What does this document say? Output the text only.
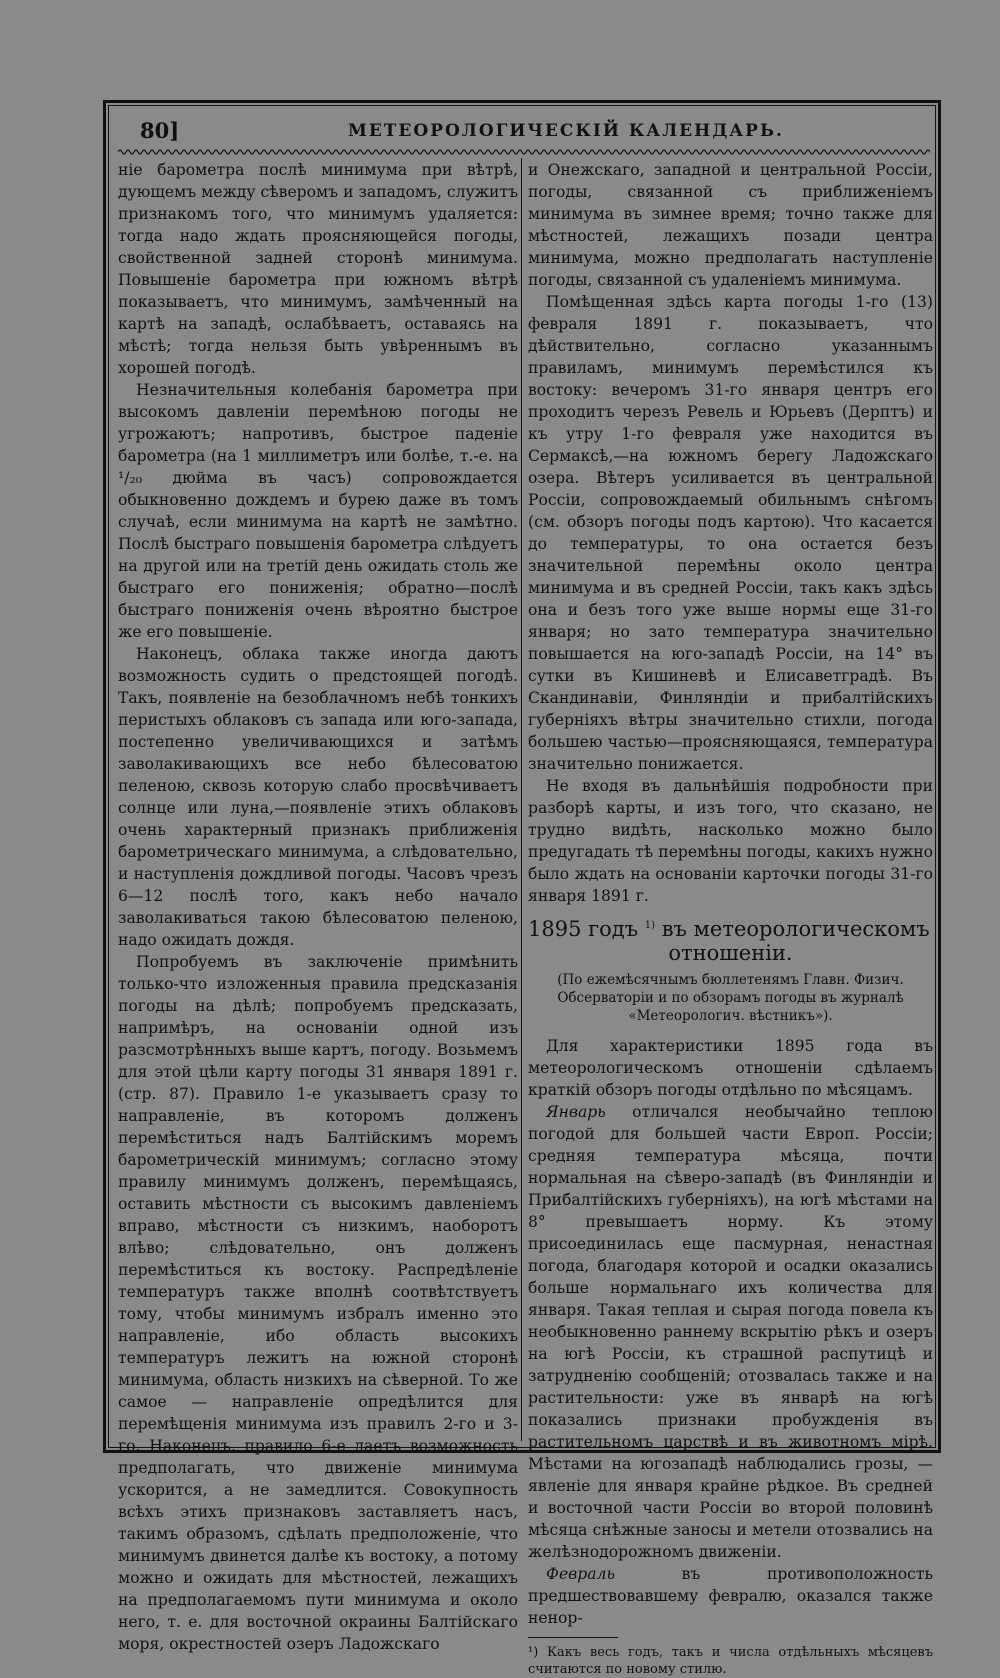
80]	МЕТЕОРОЛОГИЧЕСКIЙ КАЛЕНДАРЬ.

нiе барометра послѣ минимума при вѣтрѣ, дующемъ между сѣверомъ и западомъ, служитъ признакомъ того, что минимумъ удаляется: тогда надо ждать проясняющейся погоды, свойственной задней сторонѣ минимума. Повышенiе барометра при южномъ вѣтрѣ показываетъ, что минимумъ, замѣченный на картѣ на западѣ, ослабѣваетъ, оставаясь на мѣстѣ; тогда нельзя быть увѣреннымъ въ хорошей погодѣ.

Незначительныя колебанiя барометра при высокомъ давленiи перемѣною погоды не угрожаютъ; напротивъ, быстрое паденiе барометра (на 1 миллиметръ или болѣе, т.-е. на ¹/₂₀ дюйма въ часъ) сопровождается обыкновенно дождемъ и бурею даже въ томъ случаѣ, если минимума на картѣ не замѣтно. Послѣ быстраго повышенiя барометра слѣдуетъ на другой или на третiй день ожидать столь же быстраго его пониженiя; обратно—послѣ быстраго пониженiя очень вѣроятно быстрое же его повышенiе.

Наконецъ, облака также иногда даютъ возможность судить о предстоящей погодѣ. Такъ, появленiе на безоблачномъ небѣ тонкихъ перистыхъ облаковъ съ запада или юго-запада, постепенно увеличивающихся и затѣмъ заволакивающихъ все небо бѣлесоватою пеленою, сквозь которую слабо просвѣчиваетъ солнце или луна,—появленiе этихъ облаковъ очень характерный признакъ приближенiя барометрическаго минимума, а слѣдовательно, и наступленiя дождливой погоды. Часовъ чрезъ 6—12 послѣ того, какъ небо начало заволакиваться такою бѣлесоватою пеленою, надо ожидать дождя.

Попробуемъ въ заключенiе примѣнить только-что изложенныя правила предсказанiя погоды на дѣлѣ; попробуемъ предсказать, напримѣръ, на основанiи одной изъ разсмотрѣнныхъ выше картъ, погоду. Возьмемъ для этой цѣли карту погоды 31 января 1891 г. (стр. 87). Правило 1-е указываетъ сразу то направленiе, въ которомъ долженъ перемѣститься надъ Балтiйскимъ моремъ барометрическiй минимумъ; согласно этому правилу минимумъ долженъ, перемѣщаясь, оставить мѣстности съ высокимъ давленiемъ вправо, мѣстности съ низкимъ, наоборотъ влѣво; слѣдовательно, онъ долженъ перемѣститься къ востоку. Распредѣленiе температуръ также вполнѣ соотвѣтствуетъ тому, чтобы минимумъ избралъ именно это направленiе, ибо область высокихъ температуръ лежитъ на южной сторонѣ минимума, область низкихъ на сѣверной. То же самое — направленiе опредѣлится для перемѣщенiя минимума изъ правилъ 2-го и 3-го. Наконецъ, правило 6-е даетъ возможность предполагать, что движенiе минимума ускорится, а не замедлится. Совокупность всѣхъ этихъ признаковъ заставляетъ насъ, такимъ образомъ, сдѣлать предположенiе, что минимумъ двинется далѣе къ востоку, а потому можно и ожидать для мѣстностей, лежащихъ на предполагаемомъ пути минимума и около него, т. е. для восточной окраины Балтiйскаго моря, окрестностей озеръ Ладожскаго

и Онежскаго, западной и центральной Россiи, погоды, связанной съ приближенiемъ минимума въ зимнее время; точно также для мѣстностей, лежащихъ позади центра минимума, можно предполагать наступленiе погоды, связанной съ удаленiемъ минимума.

Помѣщенная здѣсь карта погоды 1-го (13) февраля 1891 г. показываетъ, что дѣйствительно, согласно указаннымъ правиламъ, минимумъ перемѣстился къ востоку: вечеромъ 31-го января центръ его проходитъ черезъ Ревель и Юрьевъ (Дерптъ) и къ утру 1-го февраля уже находится въ Сермаксѣ,—на южномъ берегу Ладожскаго озера. Вѣтеръ усиливается въ центральной Россiи, сопровождаемый обильнымъ снѣгомъ (см. обзоръ погоды подъ картою). Что касается до температуры, то она остается безъ значительной перемѣны около центра минимума и въ средней Россiи, такъ какъ здѣсь она и безъ того уже выше нормы еще 31-го января; но зато температура значительно повышается на юго-западѣ Россiи, на 14° въ сутки въ Кишиневѣ и Елисаветградѣ. Въ Скандинавiи, Финляндiи и прибалтiйскихъ губернiяхъ вѣтры значительно стихли, погода большею частью—проясняющаяся, температура значительно понижается.

Не входя въ дальнѣйшiя подробности при разборѣ карты, и изъ того, что сказано, не трудно видѣть, насколько можно было предугадать тѣ перемѣны погоды, какихъ нужно было ждать на основанiи карточки погоды 31-го января 1891 г.

1895 годъ $^{1)}$ въ метеорологическомъ
отношенiи.
(По ежемѣсячнымъ бюллетенямъ Главн. Физич. Обсерваторiи и по обзорамъ погоды въ журналѣ «Метеорологич. вѣстникъ»).

Для характеристики 1895 года въ метеорологическомъ отношенiи сдѣлаемъ краткiй обзоръ погоды отдѣльно по мѣсяцамъ.

Январь отличался необычайно теплою погодой для большей части Европ. Россiи; средняя температура мѣсяца, почти нормальная на сѣверо-западѣ (въ Финляндiи и Прибалтiйскихъ губернiяхъ), на югѣ мѣстами на 8° превышаетъ норму. Къ этому присоединилась еще пасмурная, ненастная погода, благодаря которой и осадки оказались больше нормальнаго ихъ количества для января. Такая теплая и сырая погода повела къ необыкновенно раннему вскрытiю рѣкъ и озеръ на югѣ Россiи, къ страшной распутицѣ и затрудненiю сообщенiй; отозвалась также и на растительности: уже въ январѣ на югѣ показались признаки пробужденiя въ растительномъ царствѣ и въ животномъ мiрѣ. Мѣстами на югозападѣ наблюдались грозы, — явленiе для января крайне рѣдкое. Въ средней и восточной части Россiи во второй половинѣ мѣсяца снѣжные заносы и метели отозвались на желѣзнодорожномъ движенiи.

Февраль	въ противоположность предшествовавшему февралю, оказался также ненор-

¹) Какъ весь годъ, такъ и числа отдѣльныхъ мѣсяцевъ считаются по новому стилю.
